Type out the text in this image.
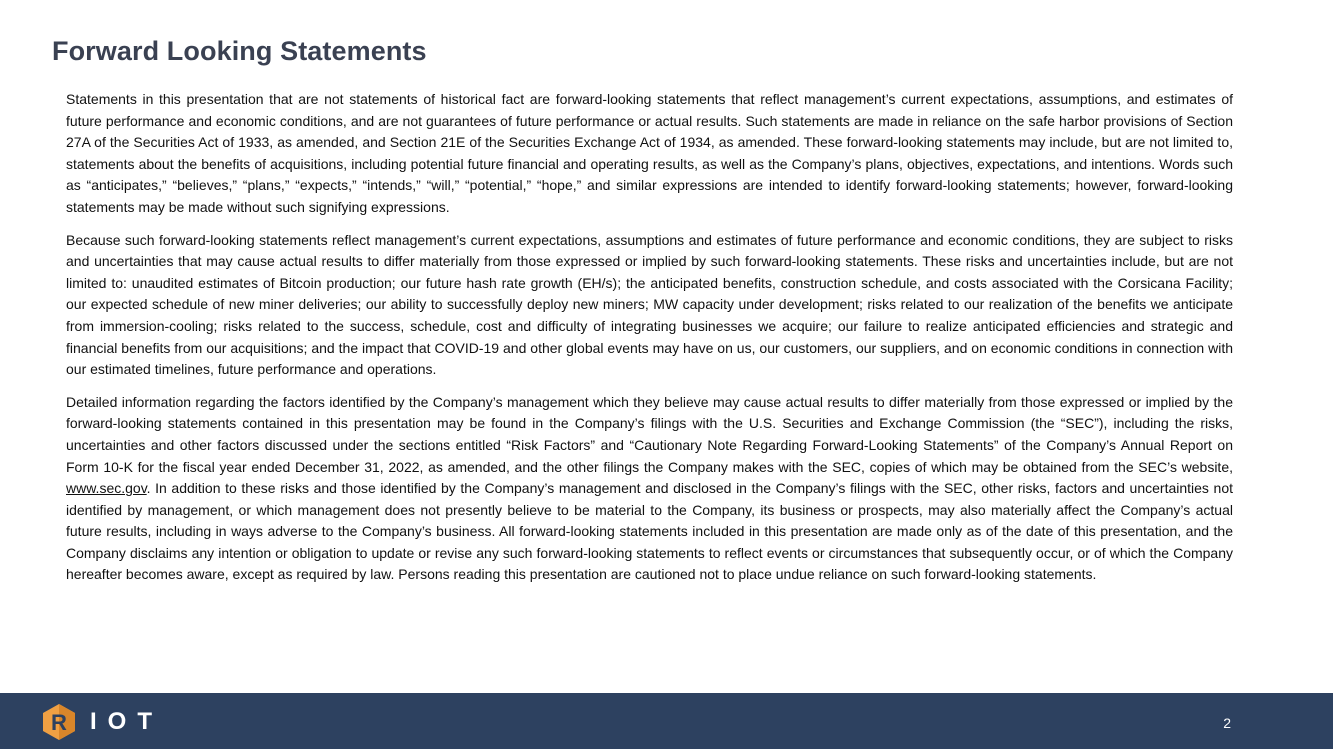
Forward Looking Statements

Statements in this presentation that are not statements of historical fact are forward-looking statements that reflect management’s current expectations, assumptions, and estimates of future performance and economic conditions, and are not guarantees of future performance or actual results. Such statements are made in reliance on the safe harbor provisions of Section 27A of the Securities Act of 1933, as amended, and Section 21E of the Securities Exchange Act of 1934, as amended. These forward-looking statements may include, but are not limited to, statements about the benefits of acquisitions, including potential future financial and operating results, as well as the Company’s plans, objectives, expectations, and intentions. Words such as “anticipates,” “believes,” “plans,” “expects,” “intends,” “will,” “potential,” “hope,” and similar expressions are intended to identify forward-looking statements; however, forward-looking statements may be made without such signifying expressions.

Because such forward-looking statements reflect management’s current expectations, assumptions and estimates of future performance and economic conditions, they are subject to risks and uncertainties that may cause actual results to differ materially from those expressed or implied by such forward-looking statements. These risks and uncertainties include, but are not limited to: unaudited estimates of Bitcoin production; our future hash rate growth (EH/s); the anticipated benefits, construction schedule, and costs associated with the Corsicana Facility; our expected schedule of new miner deliveries; our ability to successfully deploy new miners; MW capacity under development; risks related to our realization of the benefits we anticipate from immersion-cooling; risks related to the success, schedule, cost and difficulty of integrating businesses we acquire; our failure to realize anticipated efficiencies and strategic and financial benefits from our acquisitions; and the impact that COVID-19 and other global events may have on us, our customers, our suppliers, and on economic conditions in connection with our estimated timelines, future performance and operations.

Detailed information regarding the factors identified by the Company’s management which they believe may cause actual results to differ materially from those expressed or implied by the forward-looking statements contained in this presentation may be found in the Company’s filings with the U.S. Securities and Exchange Commission (the “SEC”), including the risks, uncertainties and other factors discussed under the sections entitled “Risk Factors” and “Cautionary Note Regarding Forward-Looking Statements” of the Company’s Annual Report on Form 10-K for the fiscal year ended December 31, 2022, as amended, and the other filings the Company makes with the SEC, copies of which may be obtained from the SEC’s website, www.sec.gov. In addition to these risks and those identified by the Company’s management and disclosed in the Company’s filings with the SEC, other risks, factors and uncertainties not identified by management, or which management does not presently believe to be material to the Company, its business or prospects, may also materially affect the Company’s actual future results, including in ways adverse to the Company’s business. All forward-looking statements included in this presentation are made only as of the date of this presentation, and the Company disclaims any intention or obligation to update or revise any such forward-looking statements to reflect events or circumstances that subsequently occur, or of which the Company hereafter becomes aware, except as required by law. Persons reading this presentation are cautioned not to place undue reliance on such forward-looking statements.

R IOT	2
